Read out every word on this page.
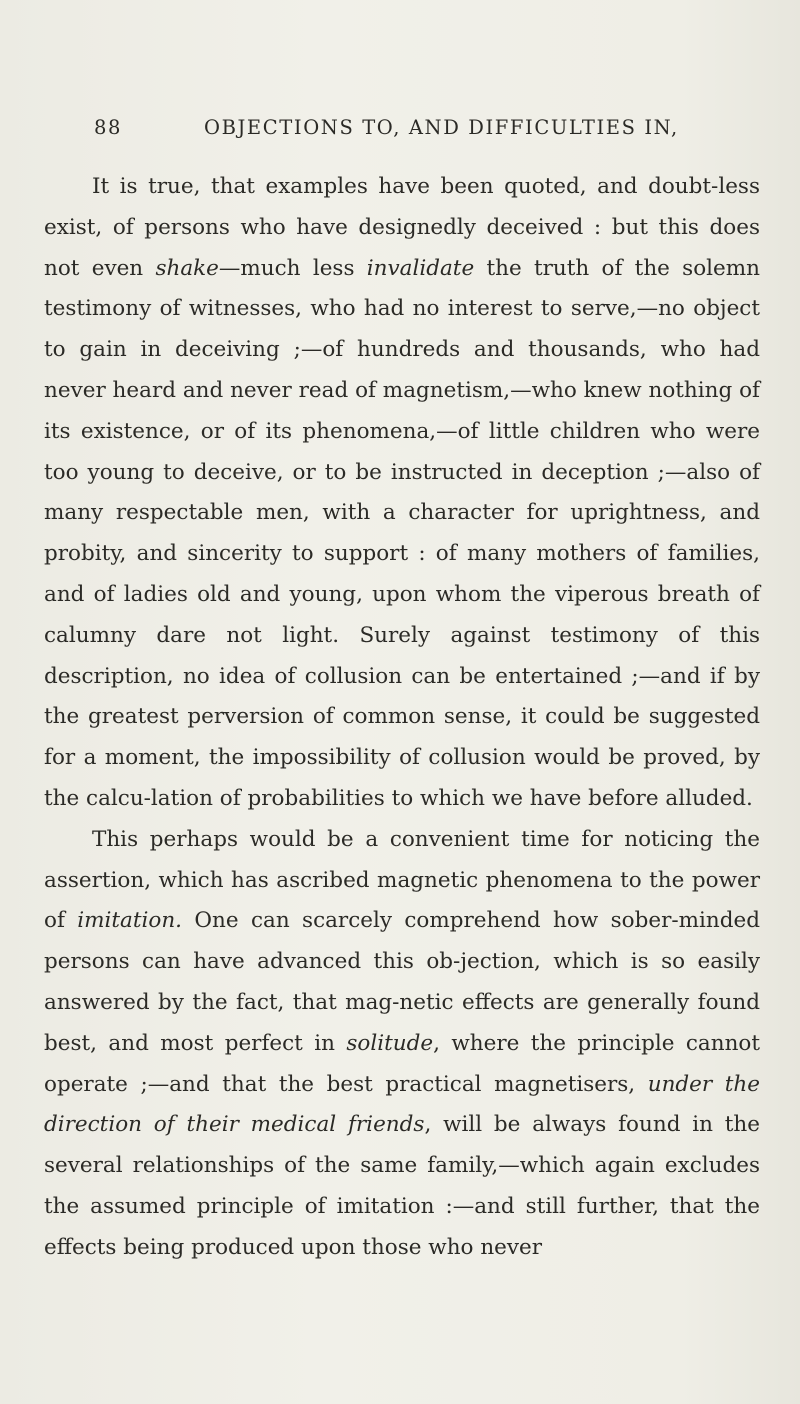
88	OBJECTIONS TO, AND DIFFICULTIES IN,

It is true, that examples have been quoted, and doubt-less exist, of persons who have designedly deceived : but this does not even shake—much less invalidate the truth of the solemn testimony of witnesses, who had no interest to serve,—no object to gain in deceiving ;—of hundreds and thousands, who had never heard and never read of magnetism,—who knew nothing of its existence, or of its phenomena,—of little children who were too young to deceive, or to be instructed in deception ;—also of many respectable men, with a character for uprightness, and probity, and sincerity to support : of many mothers of families, and of ladies old and young, upon whom the viperous breath of calumny dare not light. Surely against testimony of this description, no idea of collusion can be entertained ;—and if by the greatest perversion of common sense, it could be suggested for a moment, the impossibility of collusion would be proved, by the calcu-lation of probabilities to which we have before alluded.

This perhaps would be a convenient time for noticing the assertion, which has ascribed magnetic phenomena to the power of imitation. One can scarcely comprehend how sober-minded persons can have advanced this ob-jection, which is so easily answered by the fact, that mag-netic effects are generally found best, and most perfect in solitude, where the principle cannot operate ;—and that the best practical magnetisers, under the direction of their medical friends, will be always found in the several relationships of the same family,—which again excludes the assumed principle of imitation :—and still further, that the effects being produced upon those who never
